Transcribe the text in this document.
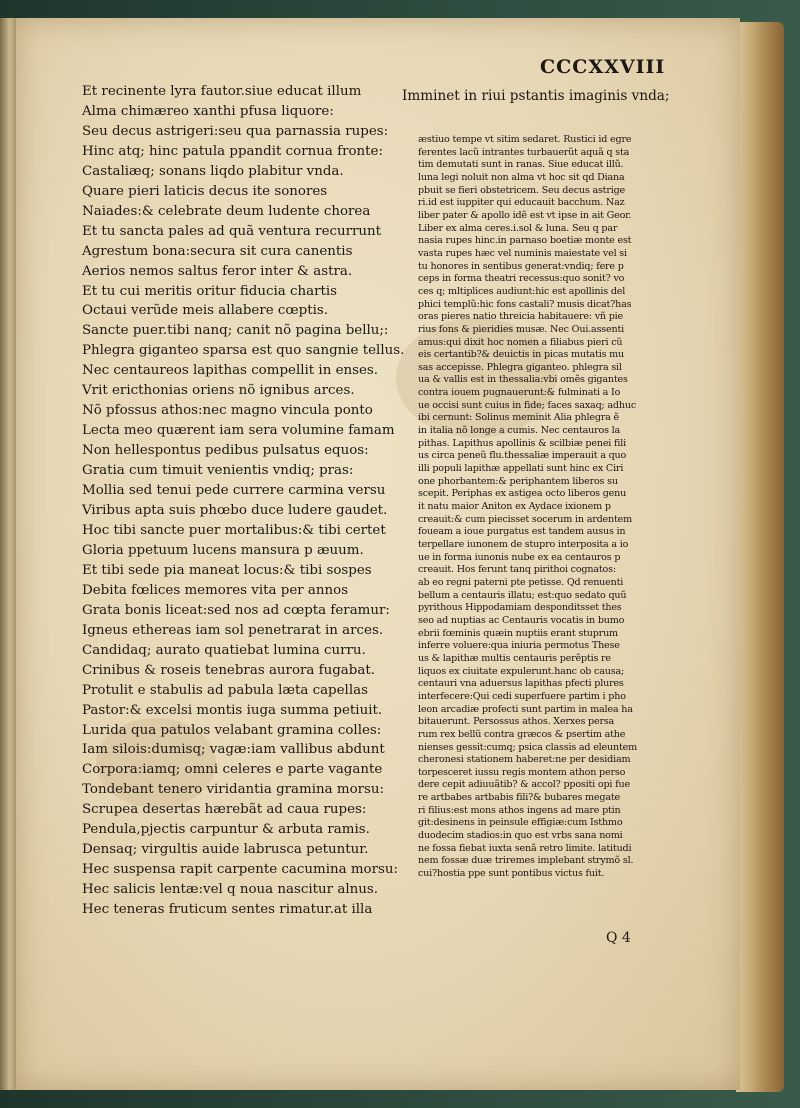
CCCXXVIII
Et recinente lyra fautor.siue educat illum
Alma chimæreo xanthi pfusa liquore:
Seu decus astrigeri:seu qua parnassia rupes:
Hinc atq; hinc patula ppandit cornua fronte:
Castaliæq; sonans liqdo plabitur vnda.
Quare pieri laticis decus ite sonores
Naiades:& celebrate deum ludente chorea
Et tu sancta pales ad quã ventura recurrunt
Agrestum bona:secura sit cura canentis
Aerios nemos saltus feror inter & astra.
Et tu cui meritis oritur fiducia chartis
Octaui verũde meis allabere cœptis.
Sancte puer.tibi nanq; canit nõ pagina bellu;:
Phlegra giganteo sparsa est quo sangnie tellus.
Nec centaureos lapithas compellit in enses.
Vrit ericthonias oriens nõ ignibus arces.
Nõ pfossus athos:nec magno vincula ponto
Lecta meo quærent iam sera volumine famam
Non hellespontus pedibus pulsatus equos:
Gratia cum timuit venientis vndiq; pras:
Mollia sed tenui pede currere carmina versu
Viribus apta suis phœbo duce ludere gaudet.
Hoc tibi sancte puer mortalibus:& tibi certet
Gloria ppetuum lucens mansura p æuum.
Et tibi sede pia maneat locus:& tibi sospes
Debita fœlices memores vita per annos
Grata bonis liceat:sed nos ad cœpta feramur:
Igneus ethereas iam sol penetrarat in arces.
Candidaq; aurato quatiebat lumina curru.
Crinibus & roseis tenebras aurora fugabat.
Protulit e stabulis ad pabula læta capellas
Pastor:& excelsi montis iuga summa petiuit.
Lurida qua patulos velabant gramina colles:
Iam silois:dumisq; vagæ:iam vallibus abdunt
Corpora:iamq; omni celeres e parte vagante
Tondebant tenero viridantia gramina morsu:
Scrupea desertas hærebãt ad caua rupes:
Pendula,pjectis carpuntur & arbuta ramis.
Densaq; virgultis auide labrusca petuntur.
Hec suspensa rapit carpente cacumina morsu:
Hec salicis lentæ:vel q noua nascitur alnus.
Hec teneras fruticum sentes rimatur.at illa
Imminet in riui pstantis imaginis vnda;
æstiuo tempe vt sitim sedaret. Rustici id egre
ferentes lacũ intrantes turbauerũt aquã q sta
tim demutati sunt in ranas. Siue educat illũ.
luna legi noluit non alma vt hoc sit qd Diana
pbuit se fieri obstetricem. Seu decus astrige
ri.id est iuppiter qui educauit bacchum. Naz
liber pater & apollo idẽ est vt ipse in ait Geor.
Liber ex alma ceres.i.sol & luna. Seu q par
nasia rupes hinc.in parnaso boetiæ monte est
vasta rupes hæc vel numinis maiestate vel si
tu honores in sentibus generat:vndiq; fere p
ceps in forma theatri recessus:quo sonit? vo
ces q; mltiplices audiunt:hic est apollinis del
phici templũ:hic fons castali? musis dicat?has
oras pieres natio threicia habitauere: vñ pie
rius fons & pieridies musæ. Nec Oui.assenti
amus:qui dixit hoc nomen a filiabus pieri cũ
eis certantib?& deuictis in picas mutatis mu
sas accepisse. Phlegra giganteo. phlegra sil
ua & vallis est in thessalia:vbi omẽs gigantes
contra iouem pugnauerunt:& fulminati a Io
ue occisi sunt cuius in fide; faces saxaq; adhuc
ibi cernunt: Solinus meminit Alia phlegra ẽ
in italia nõ longe a cumis. Nec centauros la
pithas. Lapithus apollinis & scilbiæ penei fili
us circa peneũ flu.thessaliæ imperauit a quo
illi populi lapithæ appellati sunt hinc ex Ciri
one phorbantem:& periphantem liberos su
scepit. Periphas ex astigea octo liberos genu
it natu maior Aniton ex Aydace ixionem p
creauit:& cum piecisset socerum in ardentem
foueam a ioue purgatus est tandem ausus in
terpellare iunonem de stupro interposita a io
ue in forma iunonis nube ex ea centauros p
creauit. Hos ferunt tanq pirithoi cognatos:
ab eo regni paterni pte petisse. Qd renuenti
bellum a centauris illatu; est:quo sedato quũ
pyrithous Hippodamiam desponditsset thes
seo ad nuptias ac Centauris vocatis in bumo
ebrii fœminis quæin nuptiis erant stuprum
inferre voluere:qua iniuria permotus These
us & lapithæ multis centauris perẽptis re
liquos ex ciuitate expulerunt.hanc ob causa;
centauri vna aduersus lapithas pfecti plures
interfecere:Qui cedi superfuere partim i pho
leon arcadiæ profecti sunt partim in malea ha
bitauerunt. Persossus athos. Xerxes persa
rum rex bellũ contra græcos & psertim athe
nienses gessit:cumq; psica classis ad eleuntem
cheronesi stationem haberet:ne per desidiam
torpesceret iussu regis montem athon perso
dere cepit adiuuãtib? & accol? ppositi opi fue
re artbabes artbabis fili?& bubares megate
ri filius:est mons athos ingens ad mare ptin
git:desinens in peinsule effigiæ:cum Isthmo
duodecim stadios:in quo est vrbs sana nomi
ne fossa fiebat iuxta senã retro limite. latitudi
nem fossæ duæ triremes implebant strymõ sl.
cui?hostia ppe sunt pontibus victus fuit.
Q 4
